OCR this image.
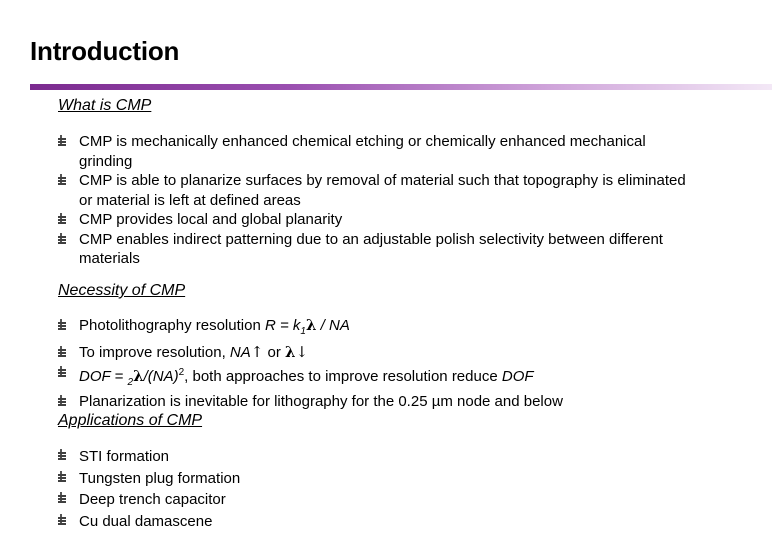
Introduction
What is CMP
CMP is mechanically enhanced chemical etching or chemically enhanced mechanical grinding
CMP is able to planarize surfaces by removal of material such that topography is eliminated or material is left at defined areas
CMP provides local and global planarity
CMP enables indirect patterning due to an adjustable polish selectivity between different materials
Necessity of CMP
Photolithography resolution $R = k_1\lambda$ / NA
To improve resolution, NA↑ or λ↓
DOF = $_2$λ/(NA)$^2$, both approaches to improve resolution reduce DOF
Planarization is inevitable for lithography for the 0.25 µm node and below
Applications of CMP
STI formation
Tungsten plug formation
Deep trench capacitor
Cu dual damascene
